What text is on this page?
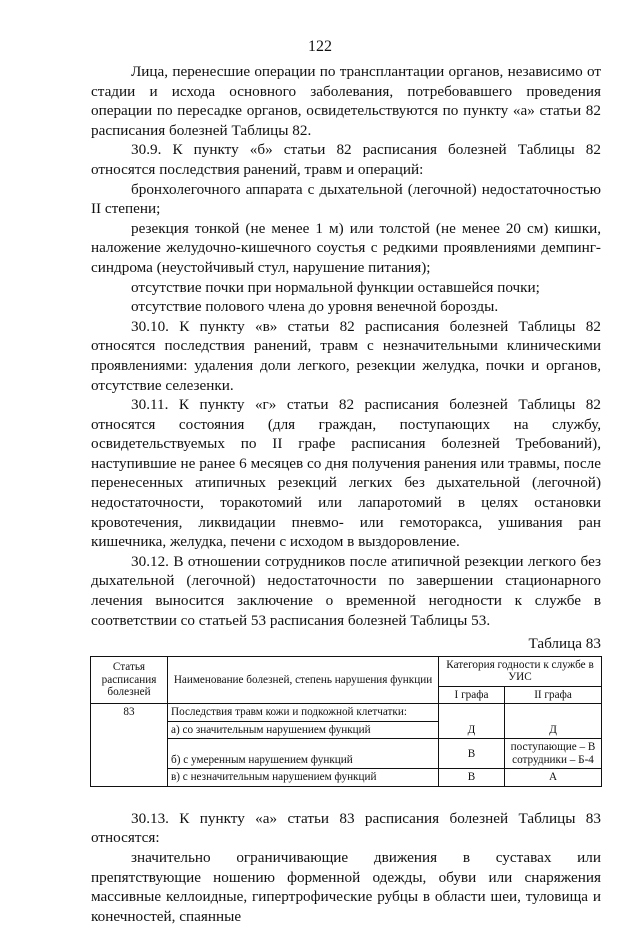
122

Лица, перенесшие операции по трансплантации органов, независимо от стадии и исхода основного заболевания, потребовавшего проведения операции по пересадке органов, освидетельствуются по пункту «а» статьи 82 расписания болезней Таблицы 82.

30.9. К пункту «б» статьи 82 расписания болезней Таблицы 82 относятся последствия ранений, травм и операций:

бронхолегочного аппарата с дыхательной (легочной) недостаточностью II степени;

резекция тонкой (не менее 1 м) или толстой (не менее 20 см) кишки, наложение желудочно-кишечного соустья с редкими проявлениями демпинг-синдрома (неустойчивый стул, нарушение питания);

отсутствие почки при нормальной функции оставшейся почки;

отсутствие полового члена до уровня венечной борозды.

30.10. К пункту «в» статьи 82 расписания болезней Таблицы 82 относятся последствия ранений, травм с незначительными клиническими проявлениями: удаления доли легкого, резекции желудка, почки и органов, отсутствие селезенки.

30.11. К пункту «г» статьи 82 расписания болезней Таблицы 82 относятся состояния (для граждан, поступающих на службу, освидетельствуемых по II графе расписания болезней Требований), наступившие не ранее 6 месяцев со дня получения ранения или травмы, после перенесенных атипичных резекций легких без дыхательной (легочной) недостаточности, торакотомий или лапаротомий в целях остановки кровотечения, ликвидации пневмо- или гемоторакса, ушивания ран кишечника, желудка, печени с исходом в выздоровление.

30.12. В отношении сотрудников после атипичной резекции легкого без дыхательной (легочной) недостаточности по завершении стационарного лечения выносится заключение о временной негодности к службе в соответствии со статьей 53 расписания болезней Таблицы 53.

Таблица 83
Статья расписания болезней	Наименование болезней, степень нарушения функции	Категория годности к службе в УИС	
		I графа	II графа
83	Последствия травм кожи и подкожной клетчатки:	Д	Д
	а) со значительным нарушением функций		
	б) с умеренным нарушением функций	В	поступающие – В сотрудники – Б-4
	в) с незначительным нарушением функций	В	А

30.13. К пункту «а» статьи 83 расписания болезней Таблицы 83 относятся:

значительно ограничивающие движения в суставах или препятствующие ношению форменной одежды, обуви или снаряжения массивные келлоидные, гипертрофические рубцы в области шеи, туловища и конечностей, спаянные
